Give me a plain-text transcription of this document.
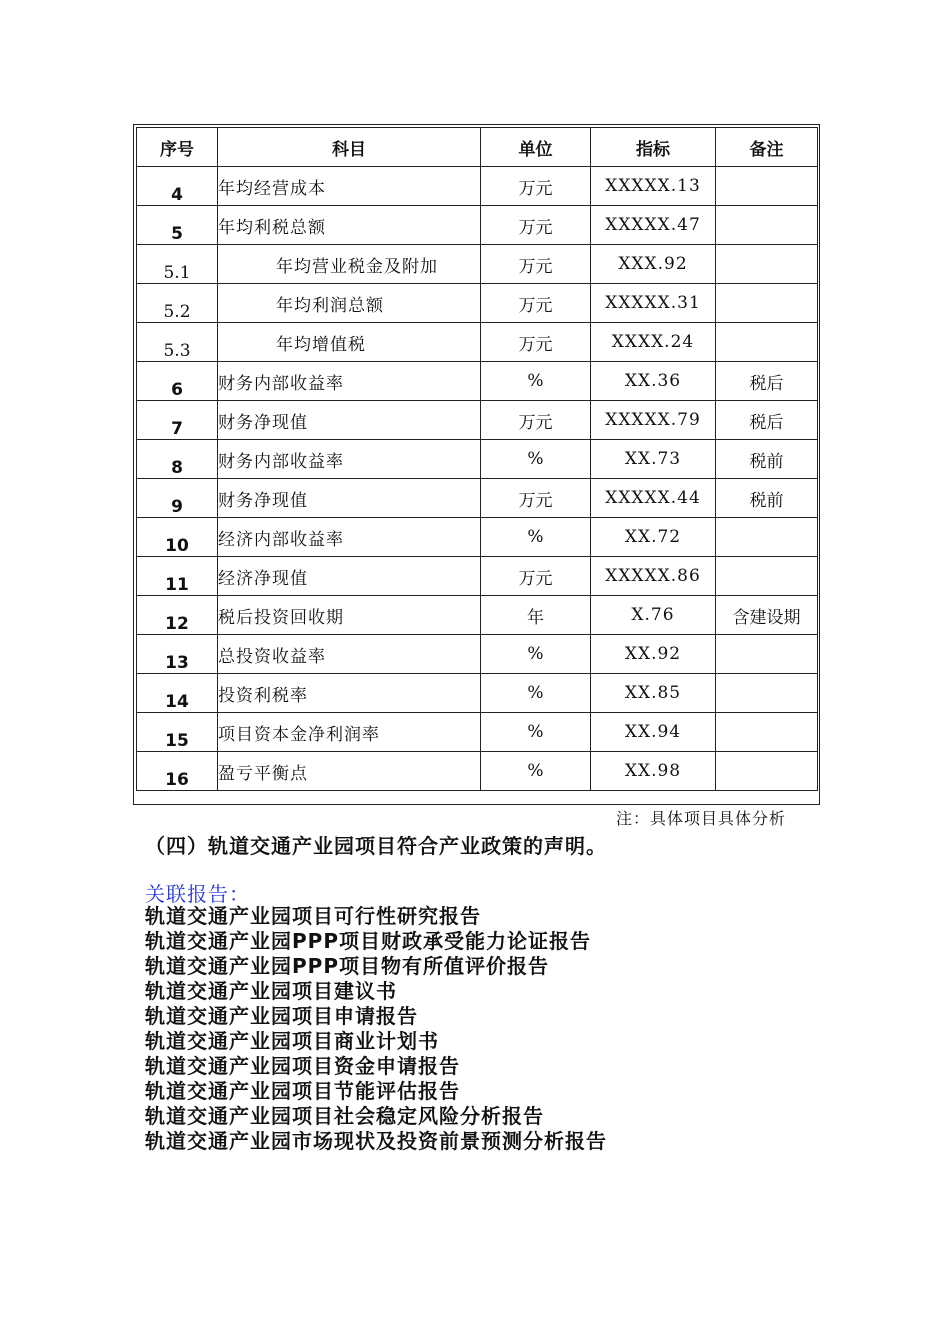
序号	科目	单位	指标	备注
4	年均经营成本	万元	XXXXX.13	
5	年均利税总额	万元	XXXXX.47	
5.1	年均营业税金及附加	万元	XXX.92	
5.2	年均利润总额	万元	XXXXX.31	
5.3	年均增值税	万元	XXXX.24	
6	财务内部收益率	%	XX.36	税后
7	财务净现值	万元	XXXXX.79	税后
8	财务内部收益率	%	XX.73	税前
9	财务净现值	万元	XXXXX.44	税前
10	经济内部收益率	%	XX.72	
11	经济净现值	万元	XXXXX.86	
12	税后投资回收期	年	X.76	含建设期
13	总投资收益率	%	XX.92	
14	投资利税率	%	XX.85	
15	项目资本金净利润率	%	XX.94	
16	盈亏平衡点	%	XX.98	
注：具体项目具体分析
（四）轨道交通产业园项目符合产业政策的声明。
关联报告：
轨道交通产业园项目可行性研究报告
轨道交通产业园PPP项目财政承受能力论证报告
轨道交通产业园PPP项目物有所值评价报告
轨道交通产业园项目建议书
轨道交通产业园项目申请报告
轨道交通产业园项目商业计划书
轨道交通产业园项目资金申请报告
轨道交通产业园项目节能评估报告
轨道交通产业园项目社会稳定风险分析报告
轨道交通产业园市场现状及投资前景预测分析报告
